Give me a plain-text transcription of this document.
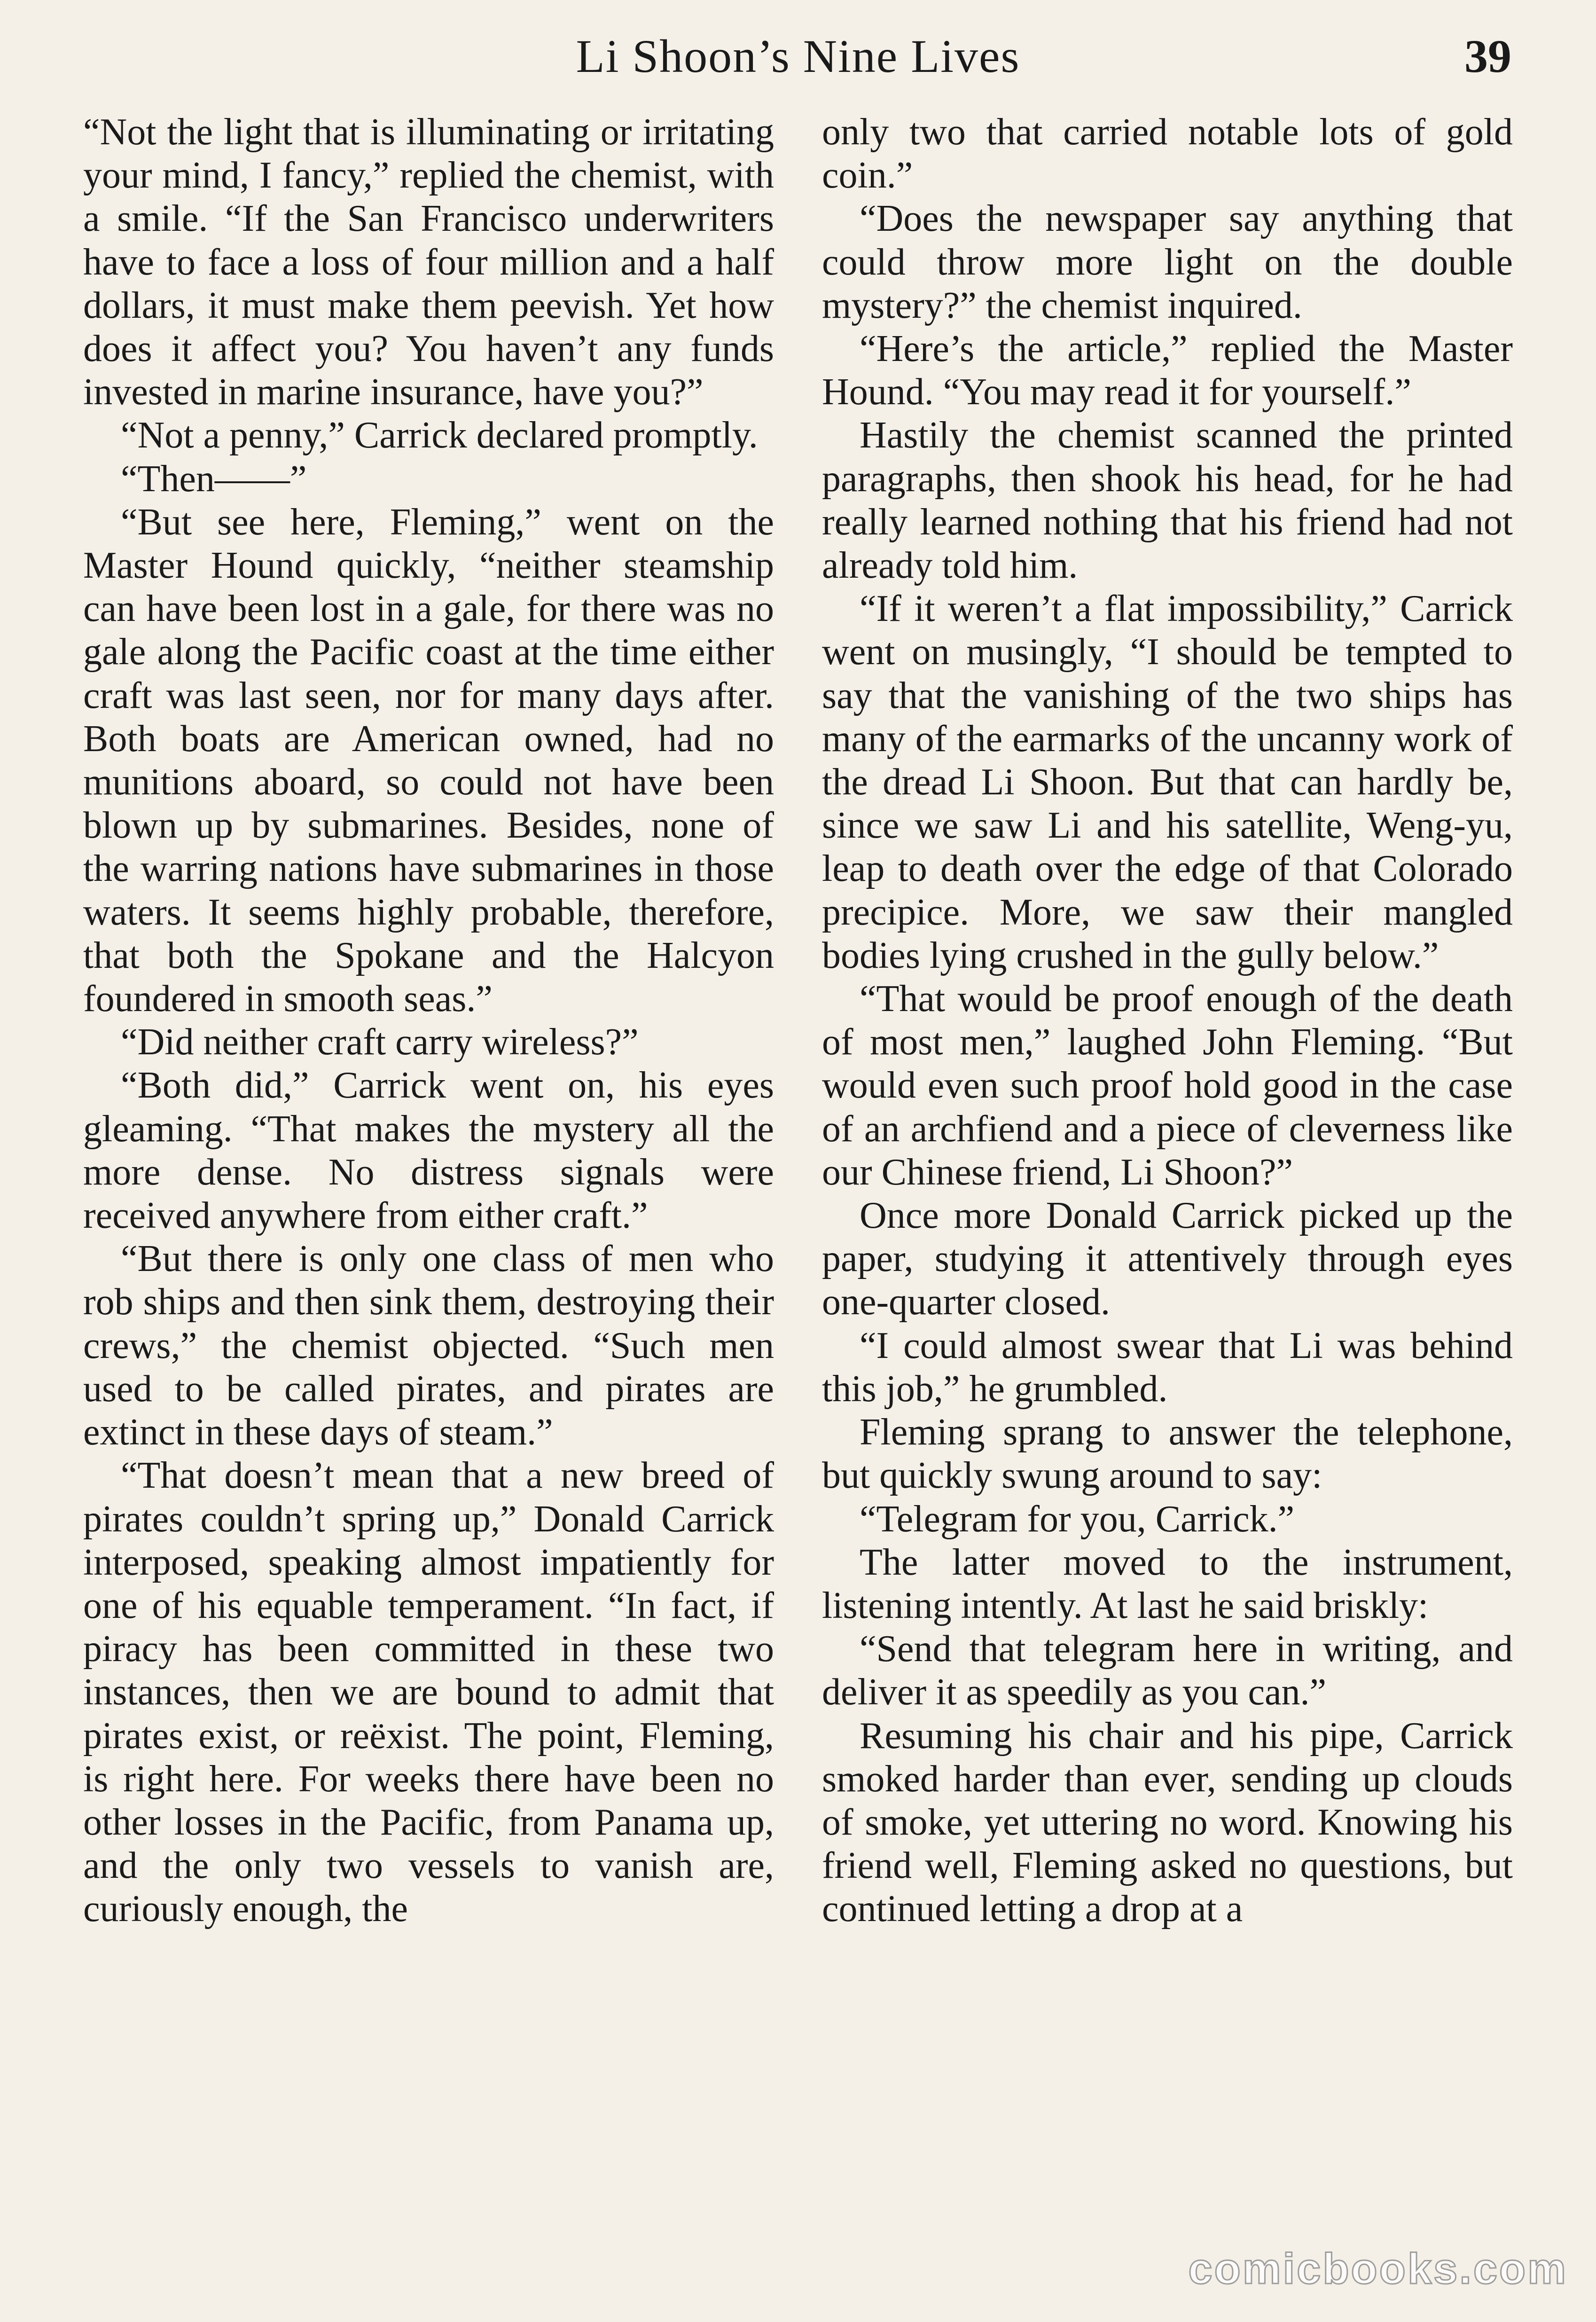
Li Shoon’s Nine Lives	39

“Not the light that is illuminating or irritating your mind, I fancy,” replied the chemist, with a smile. “If the San Francisco underwriters have to face a loss of four million and a half dollars, it must make them peevish. Yet how does it affect you? You haven’t any funds invested in marine insurance, have you?”

“Not a penny,” Carrick declared promptly.

“Then——”

“But see here, Fleming,” went on the Master Hound quickly, “neither steamship can have been lost in a gale, for there was no gale along the Pacific coast at the time either craft was last seen, nor for many days after. Both boats are American owned, had no munitions aboard, so could not have been blown up by submarines. Besides, none of the warring nations have submarines in those waters. It seems highly probable, therefore, that both the Spokane and the Halcyon foundered in smooth seas.”

“Did neither craft carry wireless?”

“Both did,” Carrick went on, his eyes gleaming. “That makes the mystery all the more dense. No distress signals were received anywhere from either craft.”

“But there is only one class of men who rob ships and then sink them, destroying their crews,” the chemist objected. “Such men used to be called pirates, and pirates are extinct in these days of steam.”

“That doesn’t mean that a new breed of pirates couldn’t spring up,” Donald Carrick interposed, speaking almost impatiently for one of his equable temperament. “In fact, if piracy has been committed in these two instances, then we are bound to admit that pirates exist, or reëxist. The point, Fleming, is right here. For weeks there have been no other losses in the Pacific, from Panama up, and the only two vessels to vanish are, curiously enough, the

only two that carried notable lots of gold coin.”

“Does the newspaper say anything that could throw more light on the double mystery?” the chemist inquired.

“Here’s the article,” replied the Master Hound. “You may read it for yourself.”

Hastily the chemist scanned the printed paragraphs, then shook his head, for he had really learned nothing that his friend had not already told him.

“If it weren’t a flat impossibility,” Carrick went on musingly, “I should be tempted to say that the vanishing of the two ships has many of the earmarks of the uncanny work of the dread Li Shoon. But that can hardly be, since we saw Li and his satellite, Weng-yu, leap to death over the edge of that Colorado precipice. More, we saw their mangled bodies lying crushed in the gully below.”

“That would be proof enough of the death of most men,” laughed John Fleming. “But would even such proof hold good in the case of an archfiend and a piece of cleverness like our Chinese friend, Li Shoon?”

Once more Donald Carrick picked up the paper, studying it attentively through eyes one-quarter closed.

“I could almost swear that Li was behind this job,” he grumbled.

Fleming sprang to answer the telephone, but quickly swung around to say:

“Telegram for you, Carrick.”

The latter moved to the instrument, listening intently. At last he said briskly:

“Send that telegram here in writing, and deliver it as speedily as you can.”

Resuming his chair and his pipe, Carrick smoked harder than ever, sending up clouds of smoke, yet uttering no word. Knowing his friend well, Fleming asked no questions, but continued letting a drop at a

comicbooks.com
